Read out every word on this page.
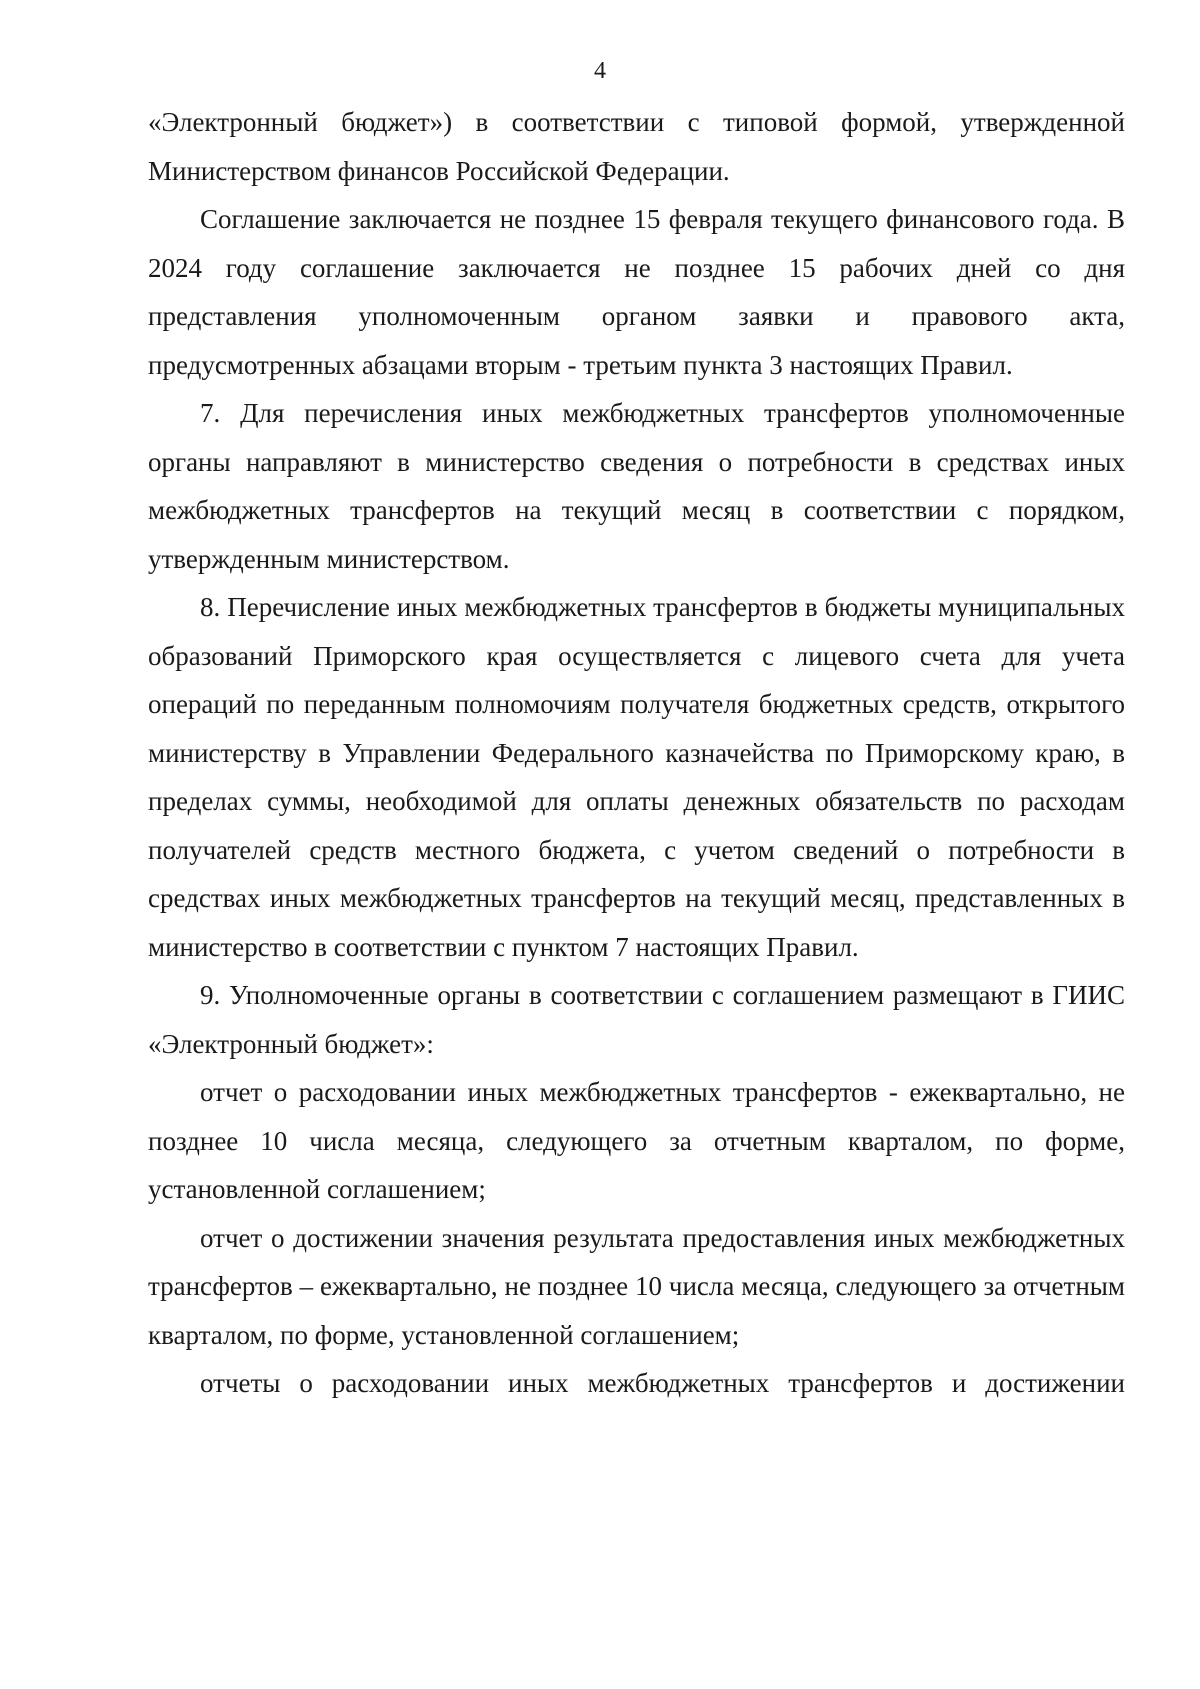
4

«Электронный бюджет») в соответствии с типовой формой, утвержденной Министерством финансов Российской Федерации.

Соглашение заключается не позднее 15 февраля текущего финансового года. В 2024 году соглашение заключается не позднее 15 рабочих дней со дня представления уполномоченным органом заявки и правового акта, предусмотренных абзацами вторым - третьим пункта 3 настоящих Правил.

7. Для перечисления иных межбюджетных трансфертов уполномоченные органы направляют в министерство сведения о потребности в средствах иных межбюджетных трансфертов на текущий месяц в соответствии с порядком, утвержденным министерством.

8. Перечисление иных межбюджетных трансфертов в бюджеты муниципальных образований Приморского края осуществляется с лицевого счета для учета операций по переданным полномочиям получателя бюджетных средств, открытого министерству в Управлении Федерального казначейства по Приморскому краю, в пределах суммы, необходимой для оплаты денежных обязательств по расходам получателей средств местного бюджета, с учетом сведений о потребности в средствах иных межбюджетных трансфертов на текущий месяц, представленных в министерство в соответствии с пунктом 7 настоящих Правил.

9. Уполномоченные органы в соответствии с соглашением размещают в ГИИС «Электронный бюджет»:

отчет о расходовании иных межбюджетных трансфертов - ежеквартально, не позднее 10 числа месяца, следующего за отчетным кварталом, по форме, установленной соглашением;

отчет о достижении значения результата предоставления иных межбюджетных трансфертов – ежеквартально, не позднее 10 числа месяца, следующего за отчетным кварталом, по форме, установленной соглашением;

отчеты о расходовании иных межбюджетных трансфертов и достижении
